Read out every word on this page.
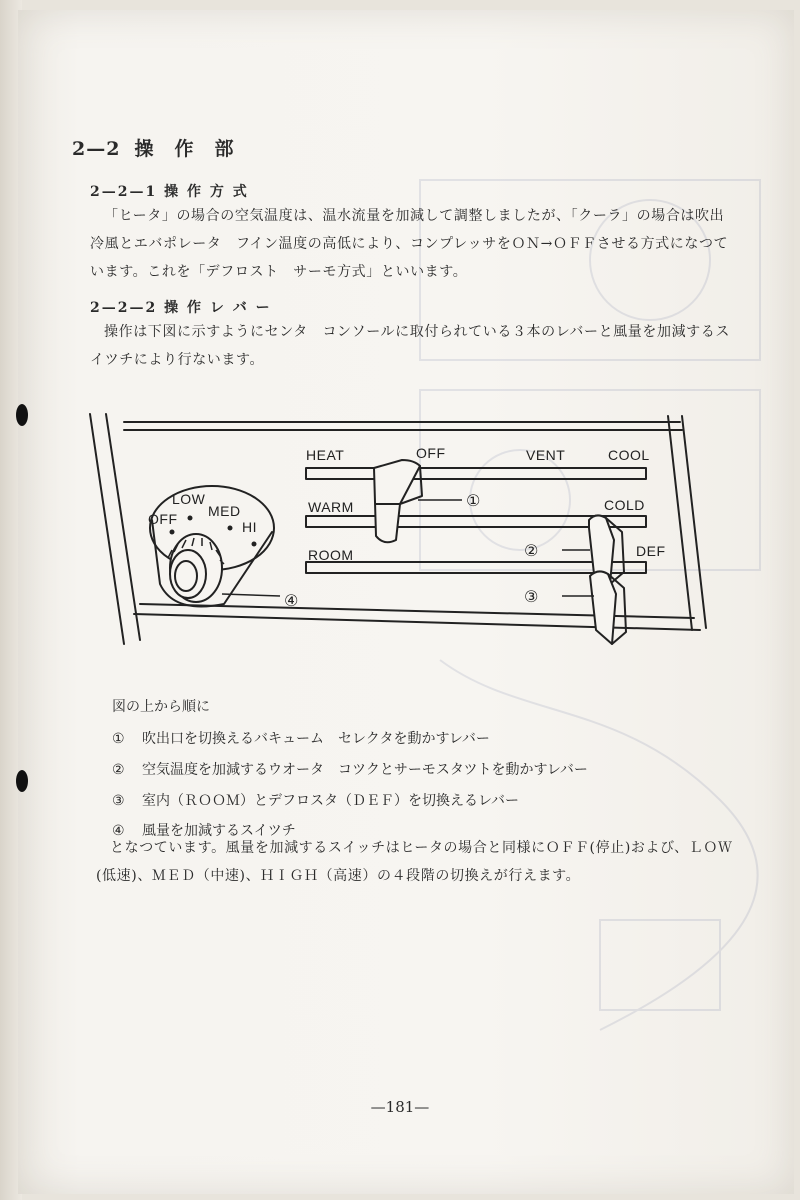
2—2 操　作　部
2—2—1 操 作 方 式
「ヒータ」の場合の空気温度は、温水流量を加減して調整しましたが、「クーラ」の場合は吹出
冷風とエバポレータ　フイン温度の高低により、コンプレッサをＯＮ→ＯＦＦさせる方式になつて
います。これを「デフロスト　サーモ方式」といいます。
2—2—2 操 作 レ バ ー
操作は下図に示すようにセンタ　コンソールに取付られている３本のレバーと風量を加減するス
イツチにより行ないます。
HEAT	OFF	VENT	COOL
WARM	COLD
ROOM	DEF
OFF
LOW
MED
HI
①
②
③
④
図の上から順に
① 吹出口を切換えるバキューム　セレクタを動かすレバー
② 空気温度を加減するウオータ　コツクとサーモスタツトを動かすレバー
③ 室内（ＲＯＯＭ）とデフロスタ（ＤＥＦ）を切換えるレバー
④ 風量を加減するスイツチ
となつています。風量を加減するスイッチはヒータの場合と同様にＯＦＦ(停止)および、ＬＯＷ
(低速)、ＭＥＤ（中速)、ＨＩＧＨ（高速）の４段階の切換えが行えます。
—181—
